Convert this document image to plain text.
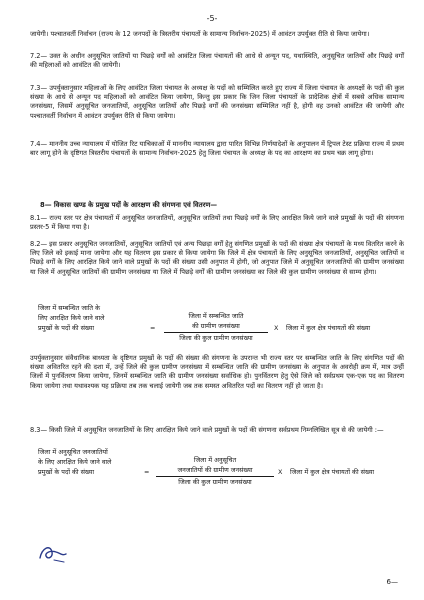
-5-
जायेगी। पश्चातवर्ती निर्वाचन (राज्य के 12 जनपदों के त्रिस्तरीय पंचायतों के सामान्य निर्वाचन-2025) में आवंटन उपर्युक्त रीति से किया जायेगा।
7.2— उक्त के अधीन अनुसूचित जातियों या पिछड़े वर्गों को आवंटित जिला पंचायतों की आधे से अन्यून पद, यथास्थिति, अनुसूचित जातियों और पिछड़े वर्गों की महिलाओं को आवंटित की जायेगी।
7.3— उपर्युक्तानुसार महिलाओं के लिए आवंटित जिला पंचायत के अध्यक्ष के पदों को सम्मिलित करते हुए राज्य में जिला पंचायत के अध्यक्षों के पदों की कुल संख्या के आधे से अन्यून पद महिलाओं को आवंटित किया जायेगा, किन्तु इस प्रकार कि जिन जिला पंचायतों के प्रादेशिक क्षेत्रों में सबसे अधिक सामान्य जनसंख्या, जिसमें अनुसूचित जनजातियों, अनुसूचित जातियों और पिछड़े वर्गों की जनसंख्या सम्मिलित नहीं है, होगी वह उनको आवंटित की जायेगी और पश्चातवर्ती निर्वाचन में आवंटन उपर्युक्त रीति से किया जायेगा।
7.4— माननीय उच्च न्यायालय में योजित रिट याचिकाओं में माननीय न्यायालय द्वारा पारित विभिन्न निर्णयादेशों के अनुपालन में ट्रिपल टेस्ट प्रक्रिया राज्य में प्रथम बार लागू होने के दृष्टिगत त्रिस्तरीय पंचायतों के सामान्य निर्वाचन-2025 हेतु जिला पंचायत के अध्यक्ष के पद का आरक्षण का प्रथम चक्र लागू होगा।
8— विकास खण्ड के प्रमुख पदों के आरक्षण की संगणना एवं वितरण—
8.1— राज्य स्तर पर क्षेत्र पंचायतों में अनुसूचित जनजातियों, अनुसूचित जातियों तथा पिछड़े वर्गों के लिए आरक्षित किये जाने वाले प्रमुखों के पदों की संगणना प्रस्तर-5 में किया गया है।
8.2— इस प्रकार अनुसूचित जनजातियों, अनुसूचित जातियों एवं अन्य पिछड़ा वर्गों हेतु संगणित प्रमुखों के पदों की संख्या क्षेत्र पंचायतों के मध्य वितरित करने के लिए जिले को इकाई माना जायेगा और यह वितरण इस प्रकार से किया जायेगा कि जिले में क्षेत्र पंचायतों के लिए अनुसूचित जनजातियों, अनुसूचित जातियों व पिछड़े वर्गों के लिए आरक्षित किये जाने वाले प्रमुखों के पदों की संख्या उसी अनुपात में होगी, जो अनुपात जिले में अनुसूचित जनजातियों की ग्रामीण जनसंख्या या जिले में अनुसूचित जातियों की ग्रामीण जनसंख्या या जिले में पिछड़े वर्गों की ग्रामीण जनसंख्या का जिले की कुल ग्रामीण जनसंख्या से साम्य होगा।
जिला में सम्बन्धित जाति के
लिए आरक्षित किये जाने वाले
प्रमुखों के पदों की संख्या	=
जिला में सम्बन्धित जाति
की ग्रामीण जनसंख्या
जिला की कुल ग्रामीण जनसंख्या
X जिला में कुल क्षेत्र पंचायतों की संख्या
उपर्युक्तानुसार संवैधानिक बाध्यता के दृष्टिगत प्रमुखों के पदों की संख्या की संगणना के उपरान्त भी राज्य स्तर पर सम्बन्धित जाति के लिए संगणित पदों की संख्या अवितरित रहने की दशा में, उन्हें जिले की कुल ग्रामीण जनसंख्या में सम्बन्धित जाति की ग्रामीण जनसंख्या के अनुपात के अवरोही क्रम में, मात्र उन्हीं जिलों में पुनर्वितरण किया जायेगा, जिनमें सम्बन्धित जाति की ग्रामीण जनसंख्या सर्वाधिक हो। पुनर्वितरण हेतु ऐसे जिले को सर्वप्रथम एक-एक पद का वितरण किया जायेगा तथा यथावश्यक यह प्रक्रिया तब तक चलाई जायेगी जब तक समस्त अवितरित पदों का वितरण नहीं हो जाता है।
8.3— किसी जिले में अनुसूचित जनजातियों के लिए आरक्षित किये जाने वाले प्रमुखों के पदों की संगणना सर्वप्रथम निम्नलिखित सूत्र से की जायेगी :—
जिला में अनुसूचित जनजातियों
के लिए आरक्षित किये जाने वाले
प्रमुखों के पदों की संख्या	=
जिला में अनुसूचित
जनजातियों की ग्रामीण जनसंख्या
जिला की कुल ग्रामीण जनसंख्या
X जिला में कुल क्षेत्र पंचायतों की संख्या
6—
